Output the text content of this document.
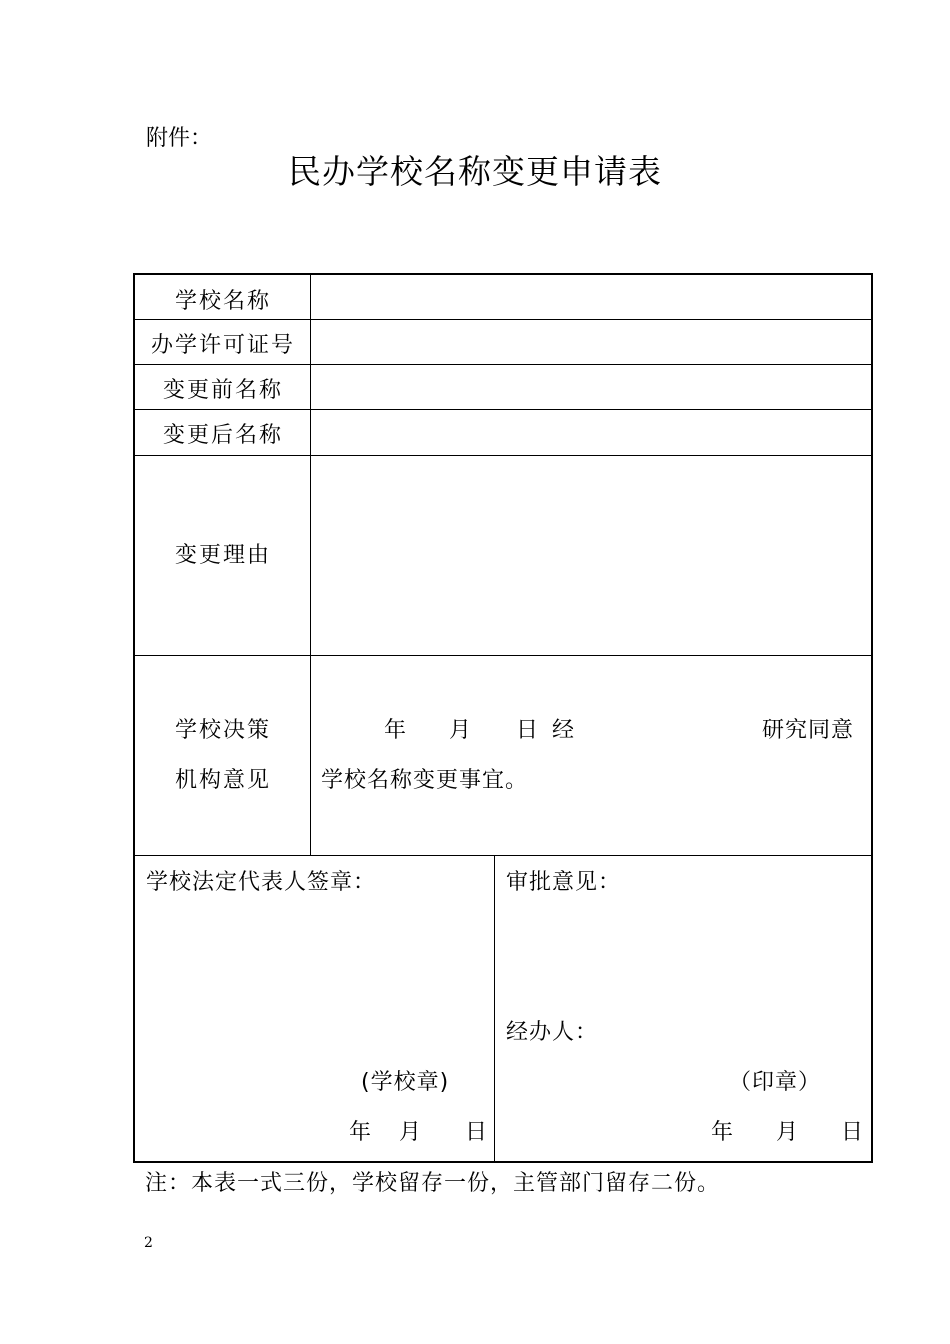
附件：
民办学校名称变更申请表
学校名称
办学许可证号
变更前名称
变更后名称
变更理由
学校决策
机构意见
年 月 日 经	研究同意
学校名称变更事宜。
学校法定代表人签章：
(学校章)
年 月 日
审批意见：
经办人：
（印章）
年 月 日
注：本表一式三份，学校留存一份，主管部门留存二份。
2
